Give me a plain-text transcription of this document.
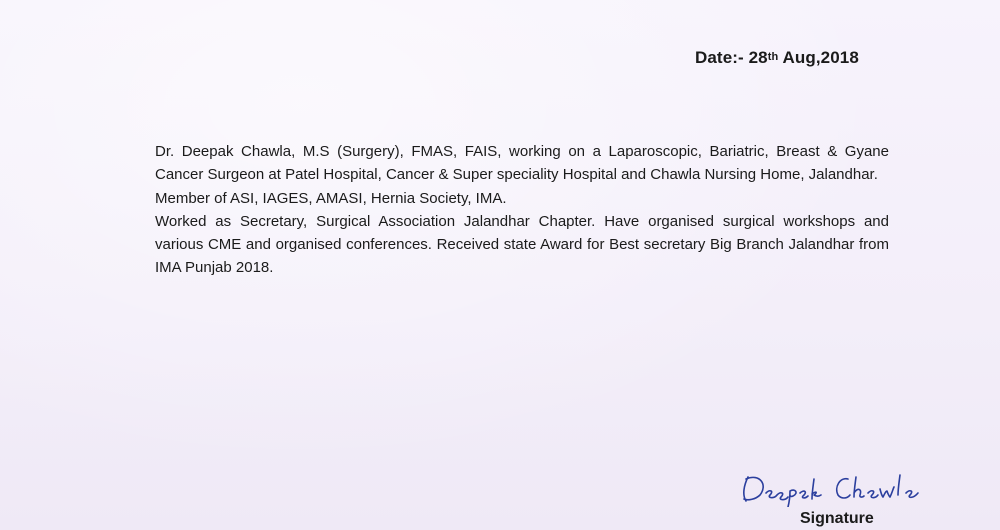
Date:- 28th Aug,2018

Dr. Deepak Chawla, M.S (Surgery), FMAS, FAIS, working on a Laparoscopic, Bariatric, Breast & Gyane Cancer Surgeon at Patel Hospital, Cancer & Super speciality Hospital and Chawla Nursing Home, Jalandhar.

Member of ASI, IAGES, AMASI, Hernia Society, IMA.

Worked as Secretary, Surgical Association Jalandhar Chapter. Have organised surgical workshops and various CME and organised conferences. Received state Award for Best secretary Big Branch Jalandhar from IMA Punjab 2018.

Signature
